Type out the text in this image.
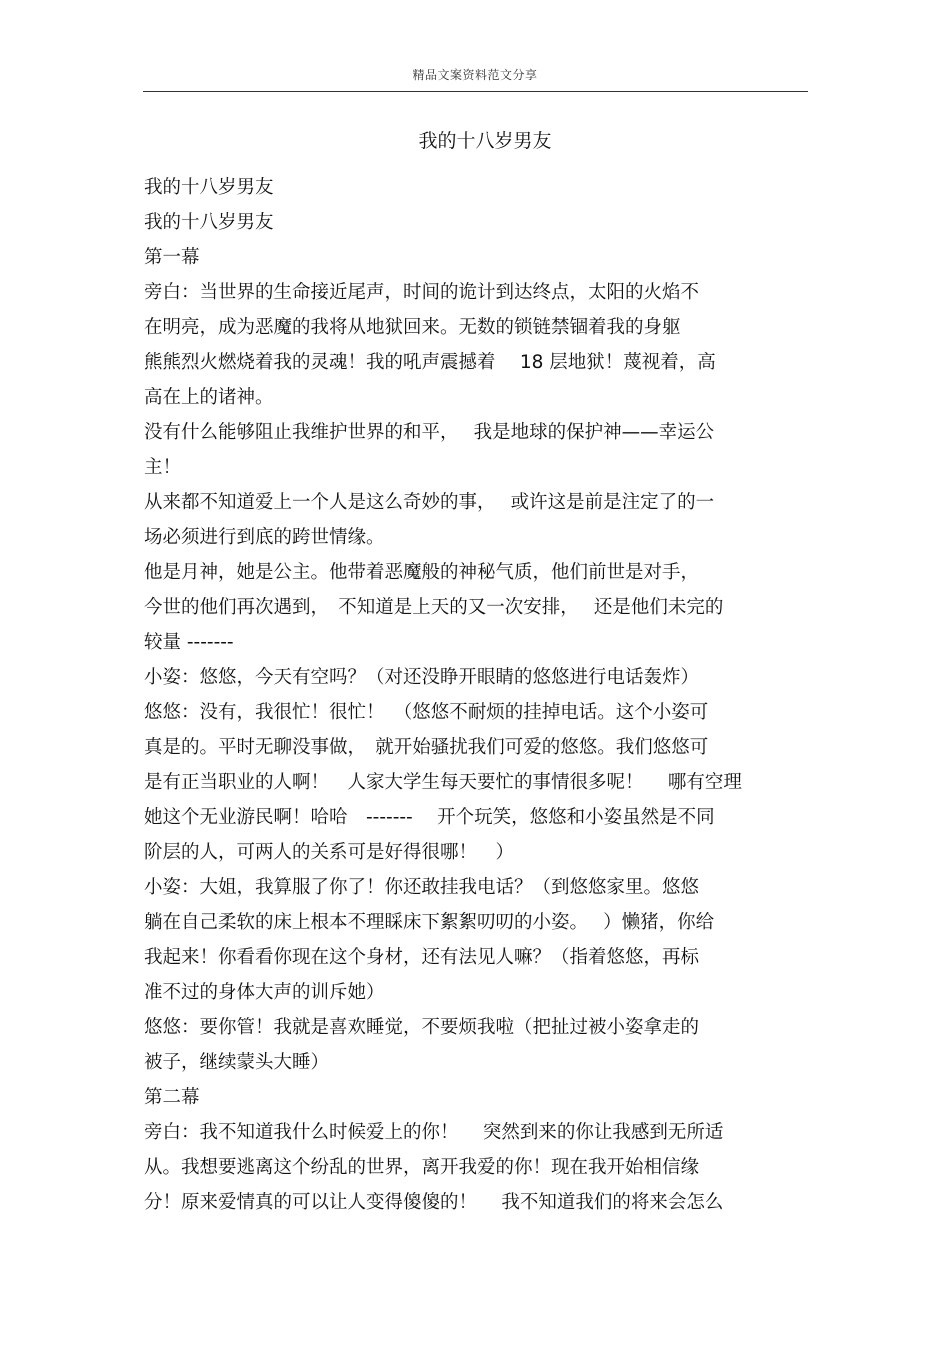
精品文案资料范文分享
我的十八岁男友
我的十八岁男友
我的十八岁男友
第一幕
旁白：当世界的生命接近尾声，时间的诡计到达终点，太阳的火焰不
在明亮，成为恶魔的我将从地狱回来。无数的锁链禁锢着我的身躯
熊熊烈火燃烧着我的灵魂！我的吼声震撼着　 18 层地狱！蔑视着，高
高在上的诸神。
没有什么能够阻止我维护世界的和平，　 我是地球的保护神——幸运公
主！
从来都不知道爱上一个人是这么奇妙的事，　 或许这是前是注定了的一
场必须进行到底的跨世情缘。
他是月神，她是公主。他带着恶魔般的神秘气质，他们前世是对手，
今世的他们再次遇到，　不知道是上天的又一次安排，　 还是他们未完的
较量 -------
小姿：悠悠，今天有空吗？（对还没睁开眼睛的悠悠进行电话轰炸）
悠悠：没有，我很忙！很忙！　（悠悠不耐烦的挂掉电话。这个小姿可
真是的。平时无聊没事做，　就开始骚扰我们可爱的悠悠。我们悠悠可
是有正当职业的人啊！　人家大学生每天要忙的事情很多呢！　 哪有空理
她这个无业游民啊！哈哈　-------　 开个玩笑，悠悠和小姿虽然是不同
阶层的人，可两人的关系可是好得很哪！　）
小姿：大姐，我算服了你了！你还敢挂我电话？（到悠悠家里。悠悠
躺在自己柔软的床上根本不理睬床下絮絮叨叨的小姿。　 ）懒猪，你给
我起来！你看看你现在这个身材，还有法见人嘛？（指着悠悠，再标
准不过的身体大声的训斥她）
悠悠：要你管！我就是喜欢睡觉，不要烦我啦（把扯过被小姿拿走的
被子，继续蒙头大睡）
第二幕
旁白：我不知道我什么时候爱上的你！　 突然到来的你让我感到无所适
从。我想要逃离这个纷乱的世界，离开我爱的你！现在我开始相信缘
分！原来爱情真的可以让人变得傻傻的！　 我不知道我们的将来会怎么
